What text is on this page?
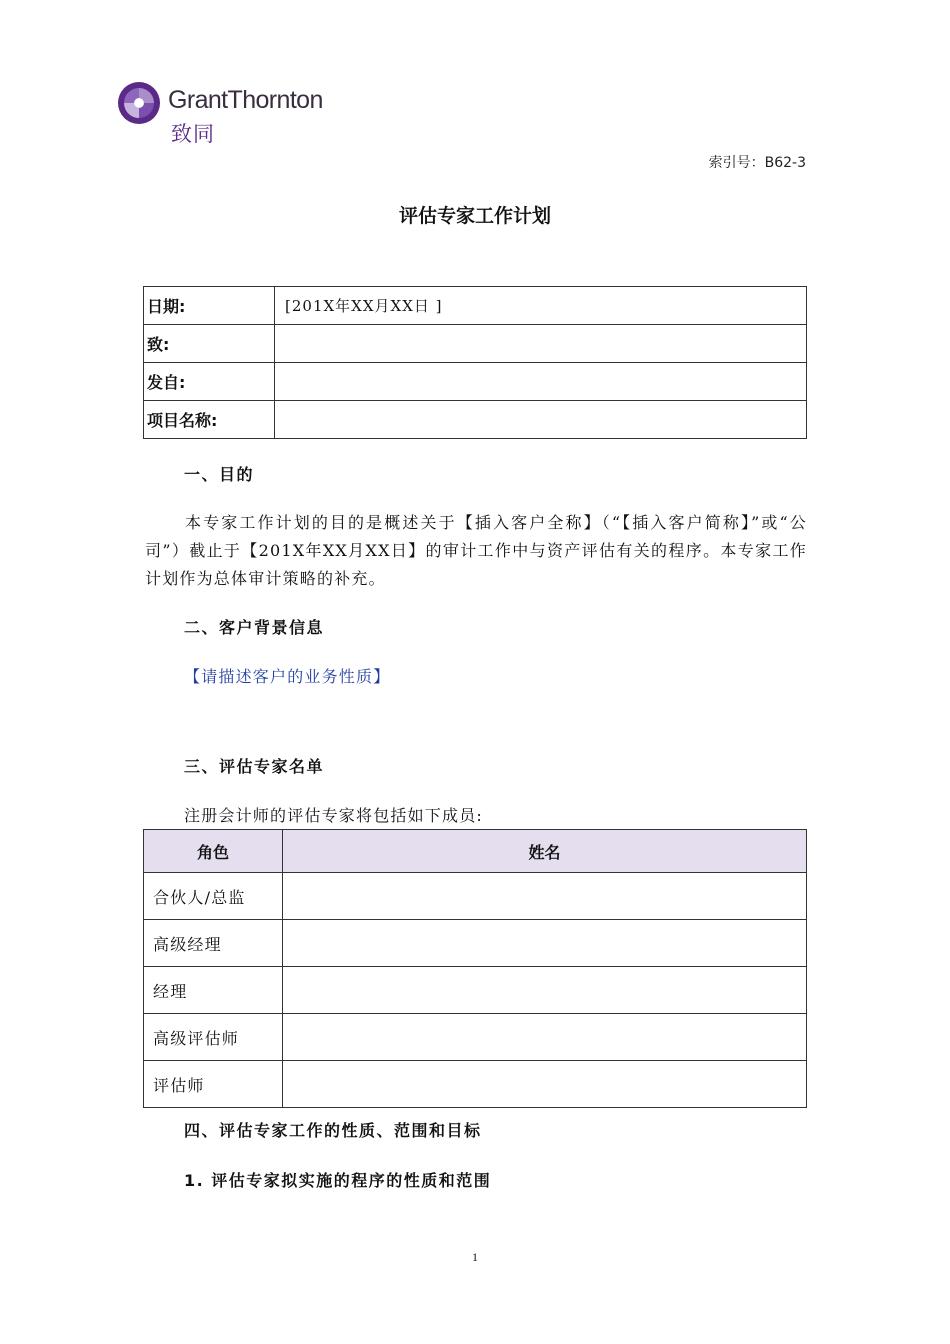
GrantThornton
致同
索引号：B62-3
评估专家工作计划
日期:	[201X年XX月XX日 ]
致:	
发自:	
项目名称:	
一、目的
本专家工作计划的目的是概述关于【插入客户全称】（“【插入客户简称】”或“公司”）截止于【201X年XX月XX日】的审计工作中与资产评估有关的程序。本专家工作计划作为总体审计策略的补充。
二、客户背景信息
【请描述客户的业务性质】
三、评估专家名单
注册会计师的评估专家将包括如下成员:
角色	姓名
合伙人/总监	
高级经理	
经理	
高级评估师	
评估师	
四、评估专家工作的性质、范围和目标
1. 评估专家拟实施的程序的性质和范围
1
